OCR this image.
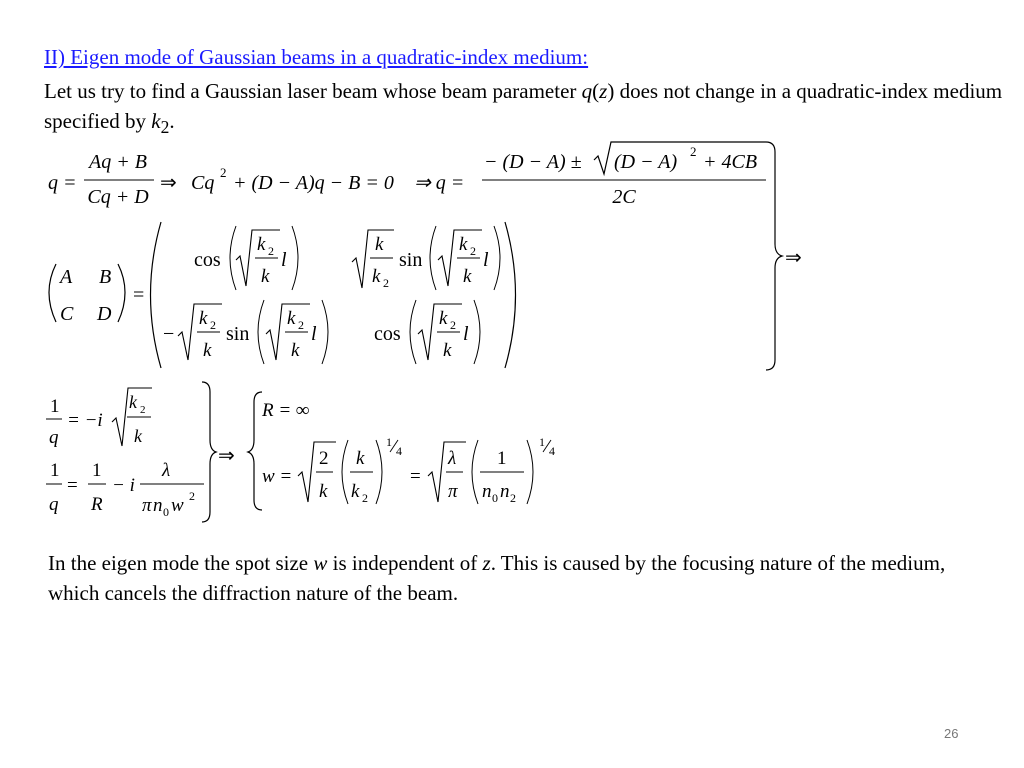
II) Eigen mode of Gaussian beams in a quadratic-index medium:
Let us try to find a Gaussian laser beam whose beam parameter q(z) does not change in a quadratic-index medium specified by $k_2$.
q =
Aq + B
Cq + D
⇒ Cq 2 + (D − A)q − B = 0 ⇒ q =
− (D − A) ± (D − A) 2 + 4CB
2C
A B
C D
=
cos
k 2
k
l
k
k 2
sin
k 2
k
l
−
k 2
k
sin
k 2
k
l	cos
k 2
k
l
⇒
1
q
= −i
k 2
k
1
q
=
1
R
− i
λ
π n 0 w 2
⇒
R = ∞
w =
2
k
k
k 2
1
4
=
λ
π
1
n 0 n 2
1
4
In the eigen mode the spot size w is independent of z. This is caused by the focusing nature of the medium, which cancels the diffraction nature of the beam.
26
